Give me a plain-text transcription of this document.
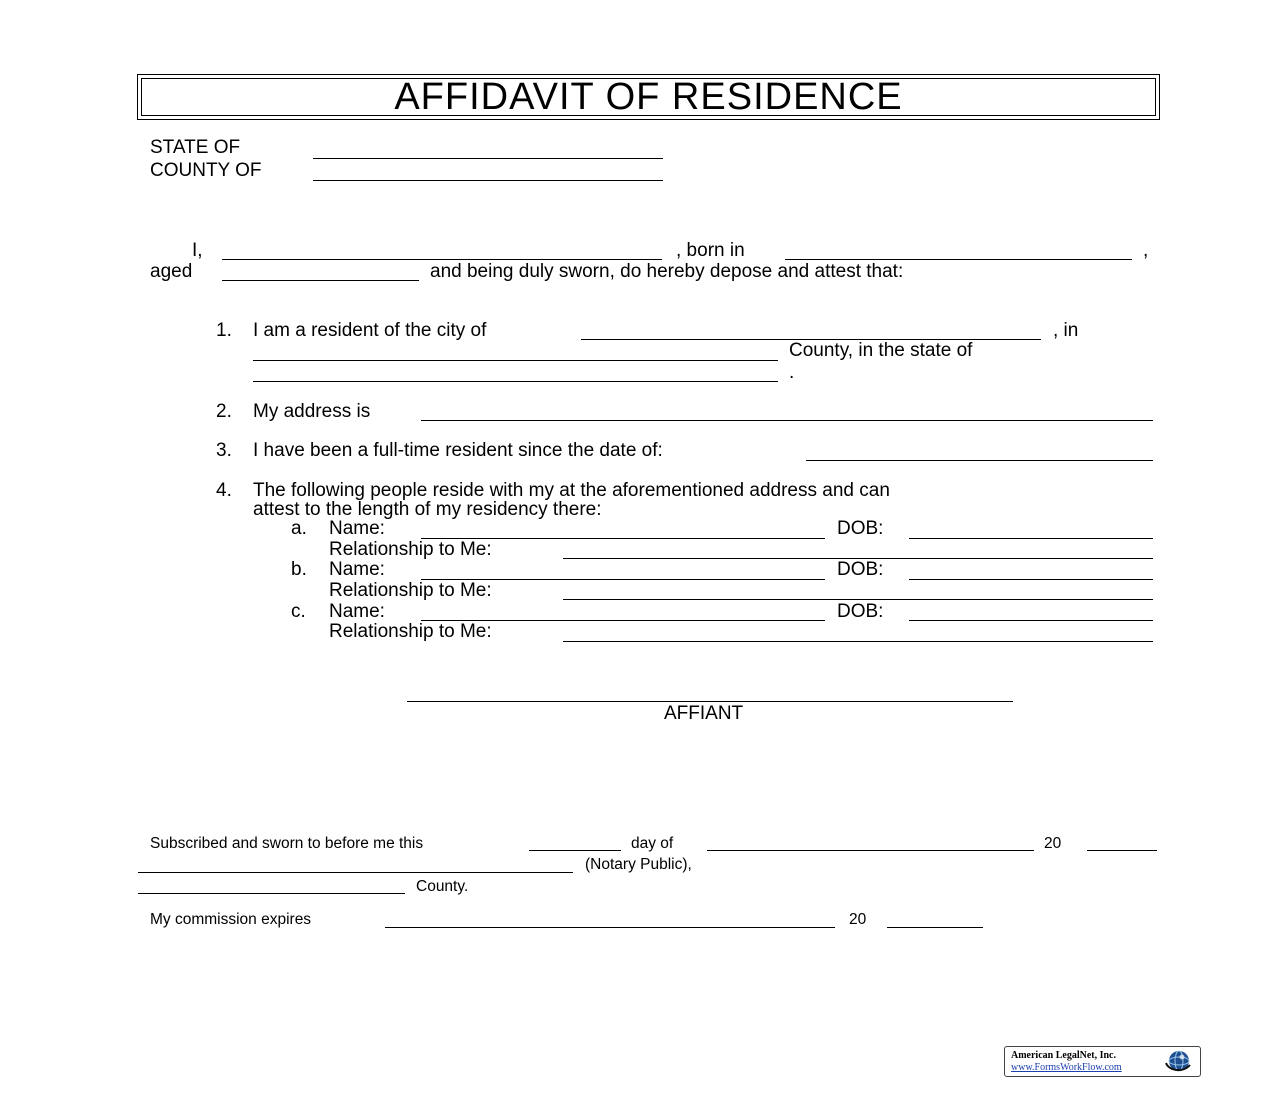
AFFIDAVIT OF RESIDENCE
STATE OF
COUNTY OF
I,	, born in	,
aged	and being duly sworn, do hereby depose and attest that:
1. I am a resident of the city of	, in
County, in the state of
.
2. My address is
3. I have been a full-time resident since the date of:
4. The following people reside with my at the aforementioned address and can
attest to the length of my residency there:
a. Name:	DOB:
Relationship to Me:
b. Name:	DOB:
Relationship to Me:
c. Name:	DOB:
Relationship to Me:
AFFIANT
Subscribed and sworn to before me this	day of	20
(Notary Public),
County.
My commission expires	20
American LegalNet, Inc.
www.FormsWorkFlow.com
